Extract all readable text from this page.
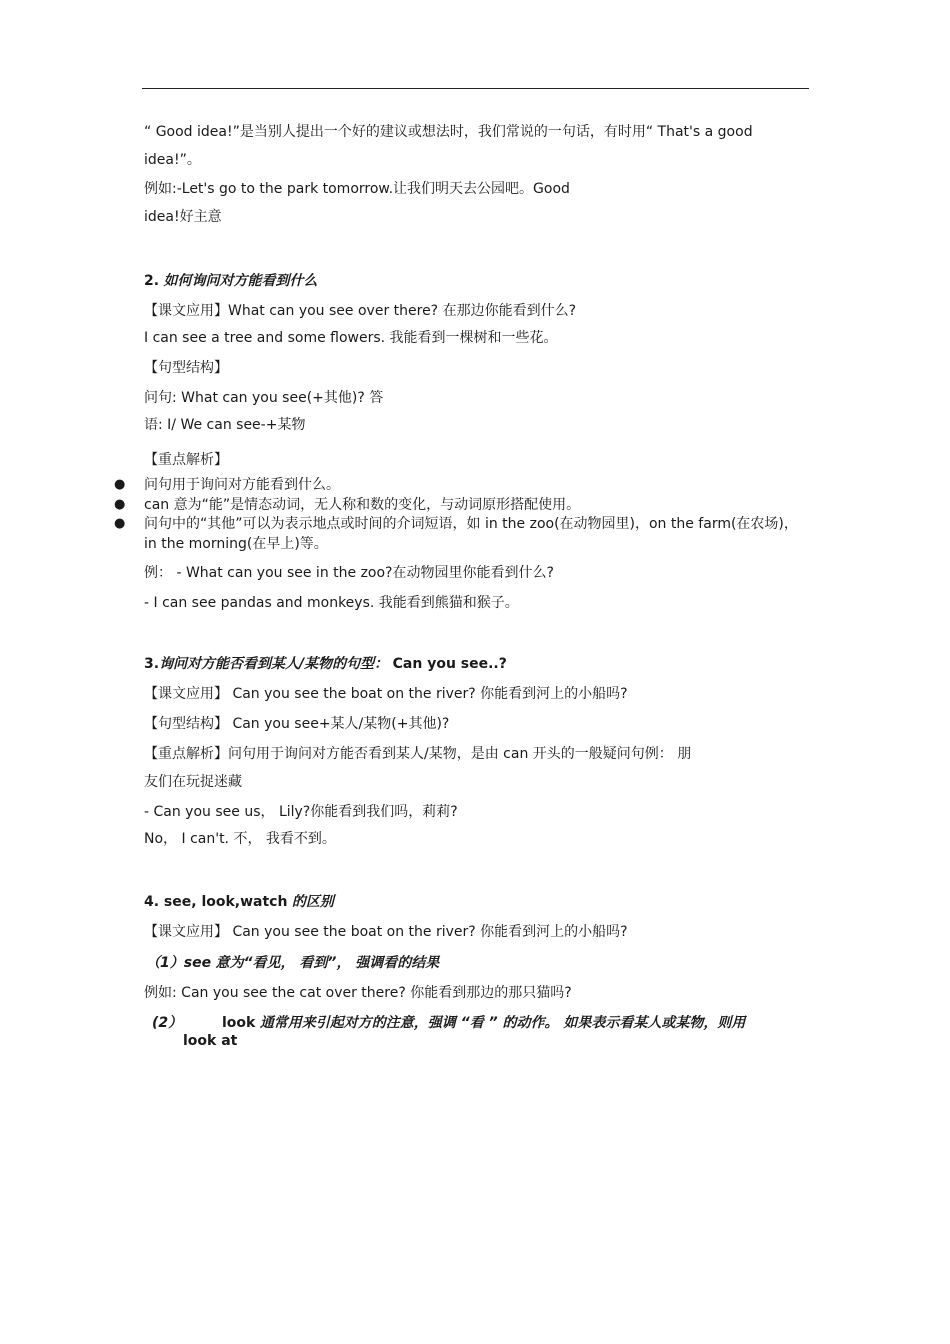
“ Good idea!”是当别人提出一个好的建议或想法时，我们常说的一句话，有时用“ That's a good
idea!”。
例如:-Let's go to the park tomorrow.让我们明天去公园吧。Good
idea!好主意
2. 如何询问对方能看到什么
【课文应用】What can you see over there? 在那边你能看到什么?
I can see a tree and some flowers. 我能看到一棵树和一些花。
【句型结构】
问句: What can you see(+其他)? 答
语: I/ We can see-+某物
【重点解析】
● 问句用于询问对方能看到什么。
● can 意为“能”是情态动词，无人称和数的变化，与动词原形搭配使用。
● 问句中的“其他”可以为表示地点或时间的介词短语，如 in the zoo(在动物园里)，on the farm(在农场)，in the morning(在早上)等。
例： - What can you see in the zoo?在动物园里你能看到什么?
- I can see pandas and monkeys. 我能看到熊猫和猴子。
3.询问对方能否看到某人/某物的句型： Can you see..?
【课文应用】 Can you see the boat on the river? 你能看到河上的小船吗?
【句型结构】 Can you see+某人/某物(+其他)?
【重点解析】问句用于询问对方能否看到某人/某物，是由 can 开头的一般疑问句例： 朋
友们在玩捉迷藏
- Can you see us， Lily?你能看到我们吗，莉莉?
No， I can't. 不， 我看不到。
4. see, look,watch 的区别
【课文应用】 Can you see the boat on the river? 你能看到河上的小船吗?
（1）see 意为“看见， 看到”， 强调看的结果
例如: Can you see the cat over there? 你能看到那边的那只猫吗?
(2）	look 通常用来引起对方的注意，强调 “看 ” 的动作。 如果表示看某人或某物，则用
look at
